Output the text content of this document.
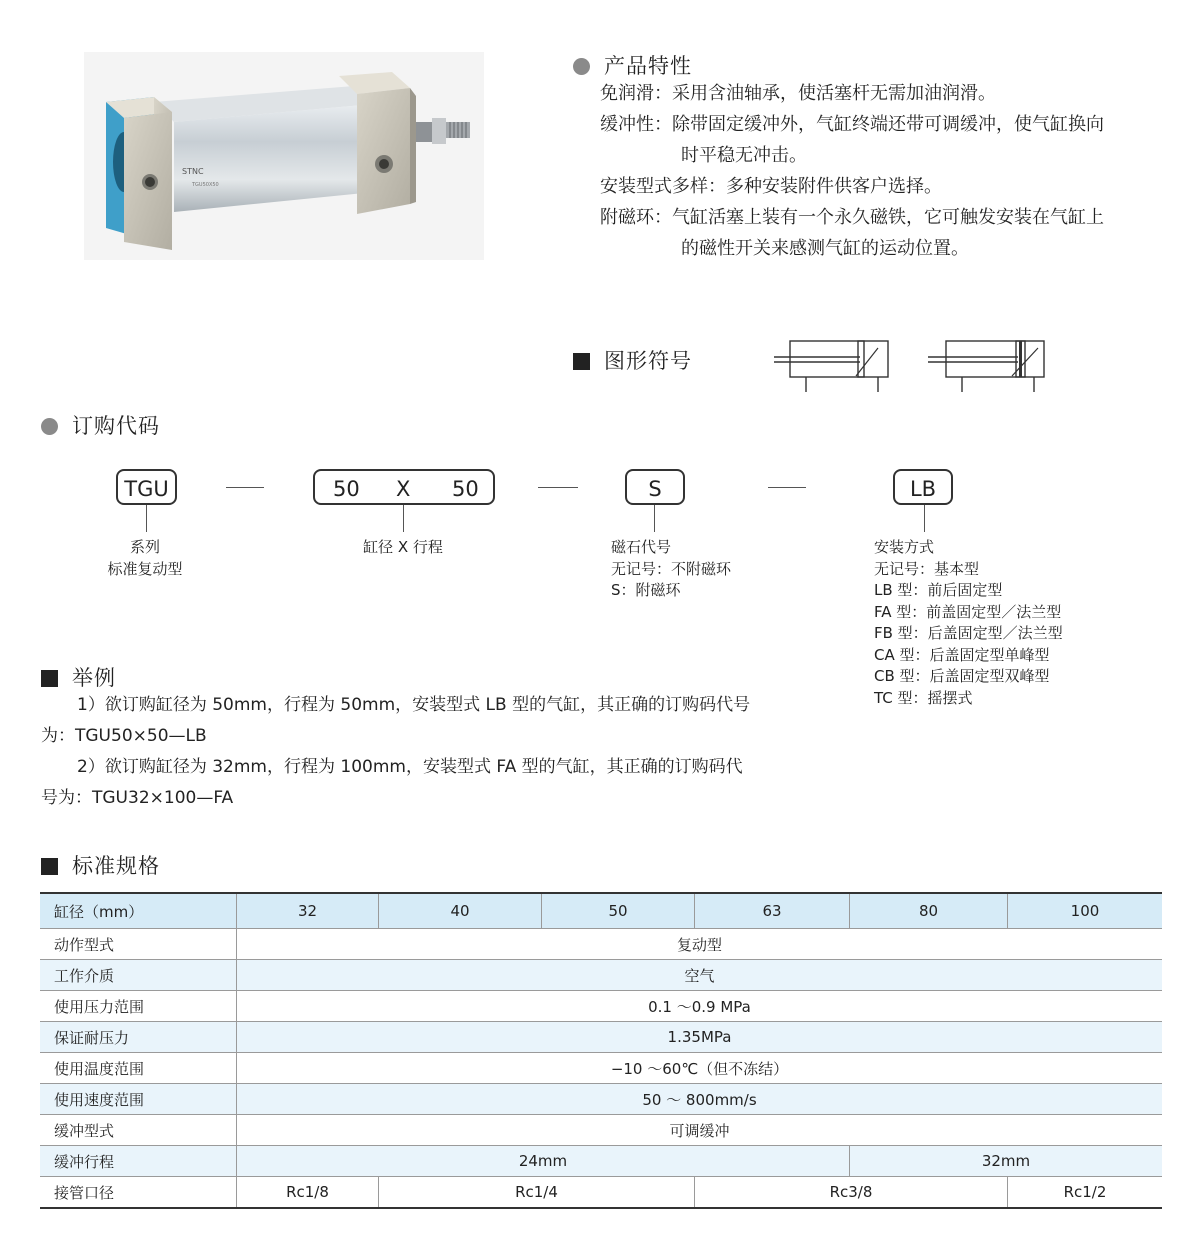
STNC
TGU50X50
产品特性
免润滑：采用含油轴承，使活塞杆无需加油润滑。
缓冲性：除带固定缓冲外，气缸终端还带可调缓冲，使气缸换向
时平稳无冲击。
安装型式多样：多种安装附件供客户选择。
附磁环：气缸活塞上装有一个永久磁铁，它可触发安装在气缸上
的磁性开关来感测气缸的运动位置。
图形符号
订购代码
TGU	50 X 50	S	LB
系列
标准复动型
缸径 X 行程	磁石代号
无记号：不附磁环
S：附磁环
安装方式
无记号：基本型
LB 型：前后固定型
FA 型：前盖固定型／法兰型
FB 型：后盖固定型／法兰型
CA 型：后盖固定型单峰型
CB 型：后盖固定型双峰型
TC 型：摇摆式
举例
1）欲订购缸径为 50mm，行程为 50mm，安装型式 LB 型的气缸，其正确的订购码代号
为：TGU50×50—LB
2）欲订购缸径为 32mm，行程为 100mm，安装型式 FA 型的气缸，其正确的订购码代
号为：TGU32×100—FA
标准规格
缸径（mm）	32	40	50	63	80	100
动作型式	复动型					
工作介质	空气					
使用压力范围	0.1 ～0.9 MPa					
保证耐压力	1.35MPa					
使用温度范围	−10 ～60℃（但不冻结）					
使用速度范围	50 ～ 800mm/s					
缓冲型式	可调缓冲					
缓冲行程	24mm				32mm	
接管口径	Rc1/8	Rc1/4		Rc3/8		Rc1/2
